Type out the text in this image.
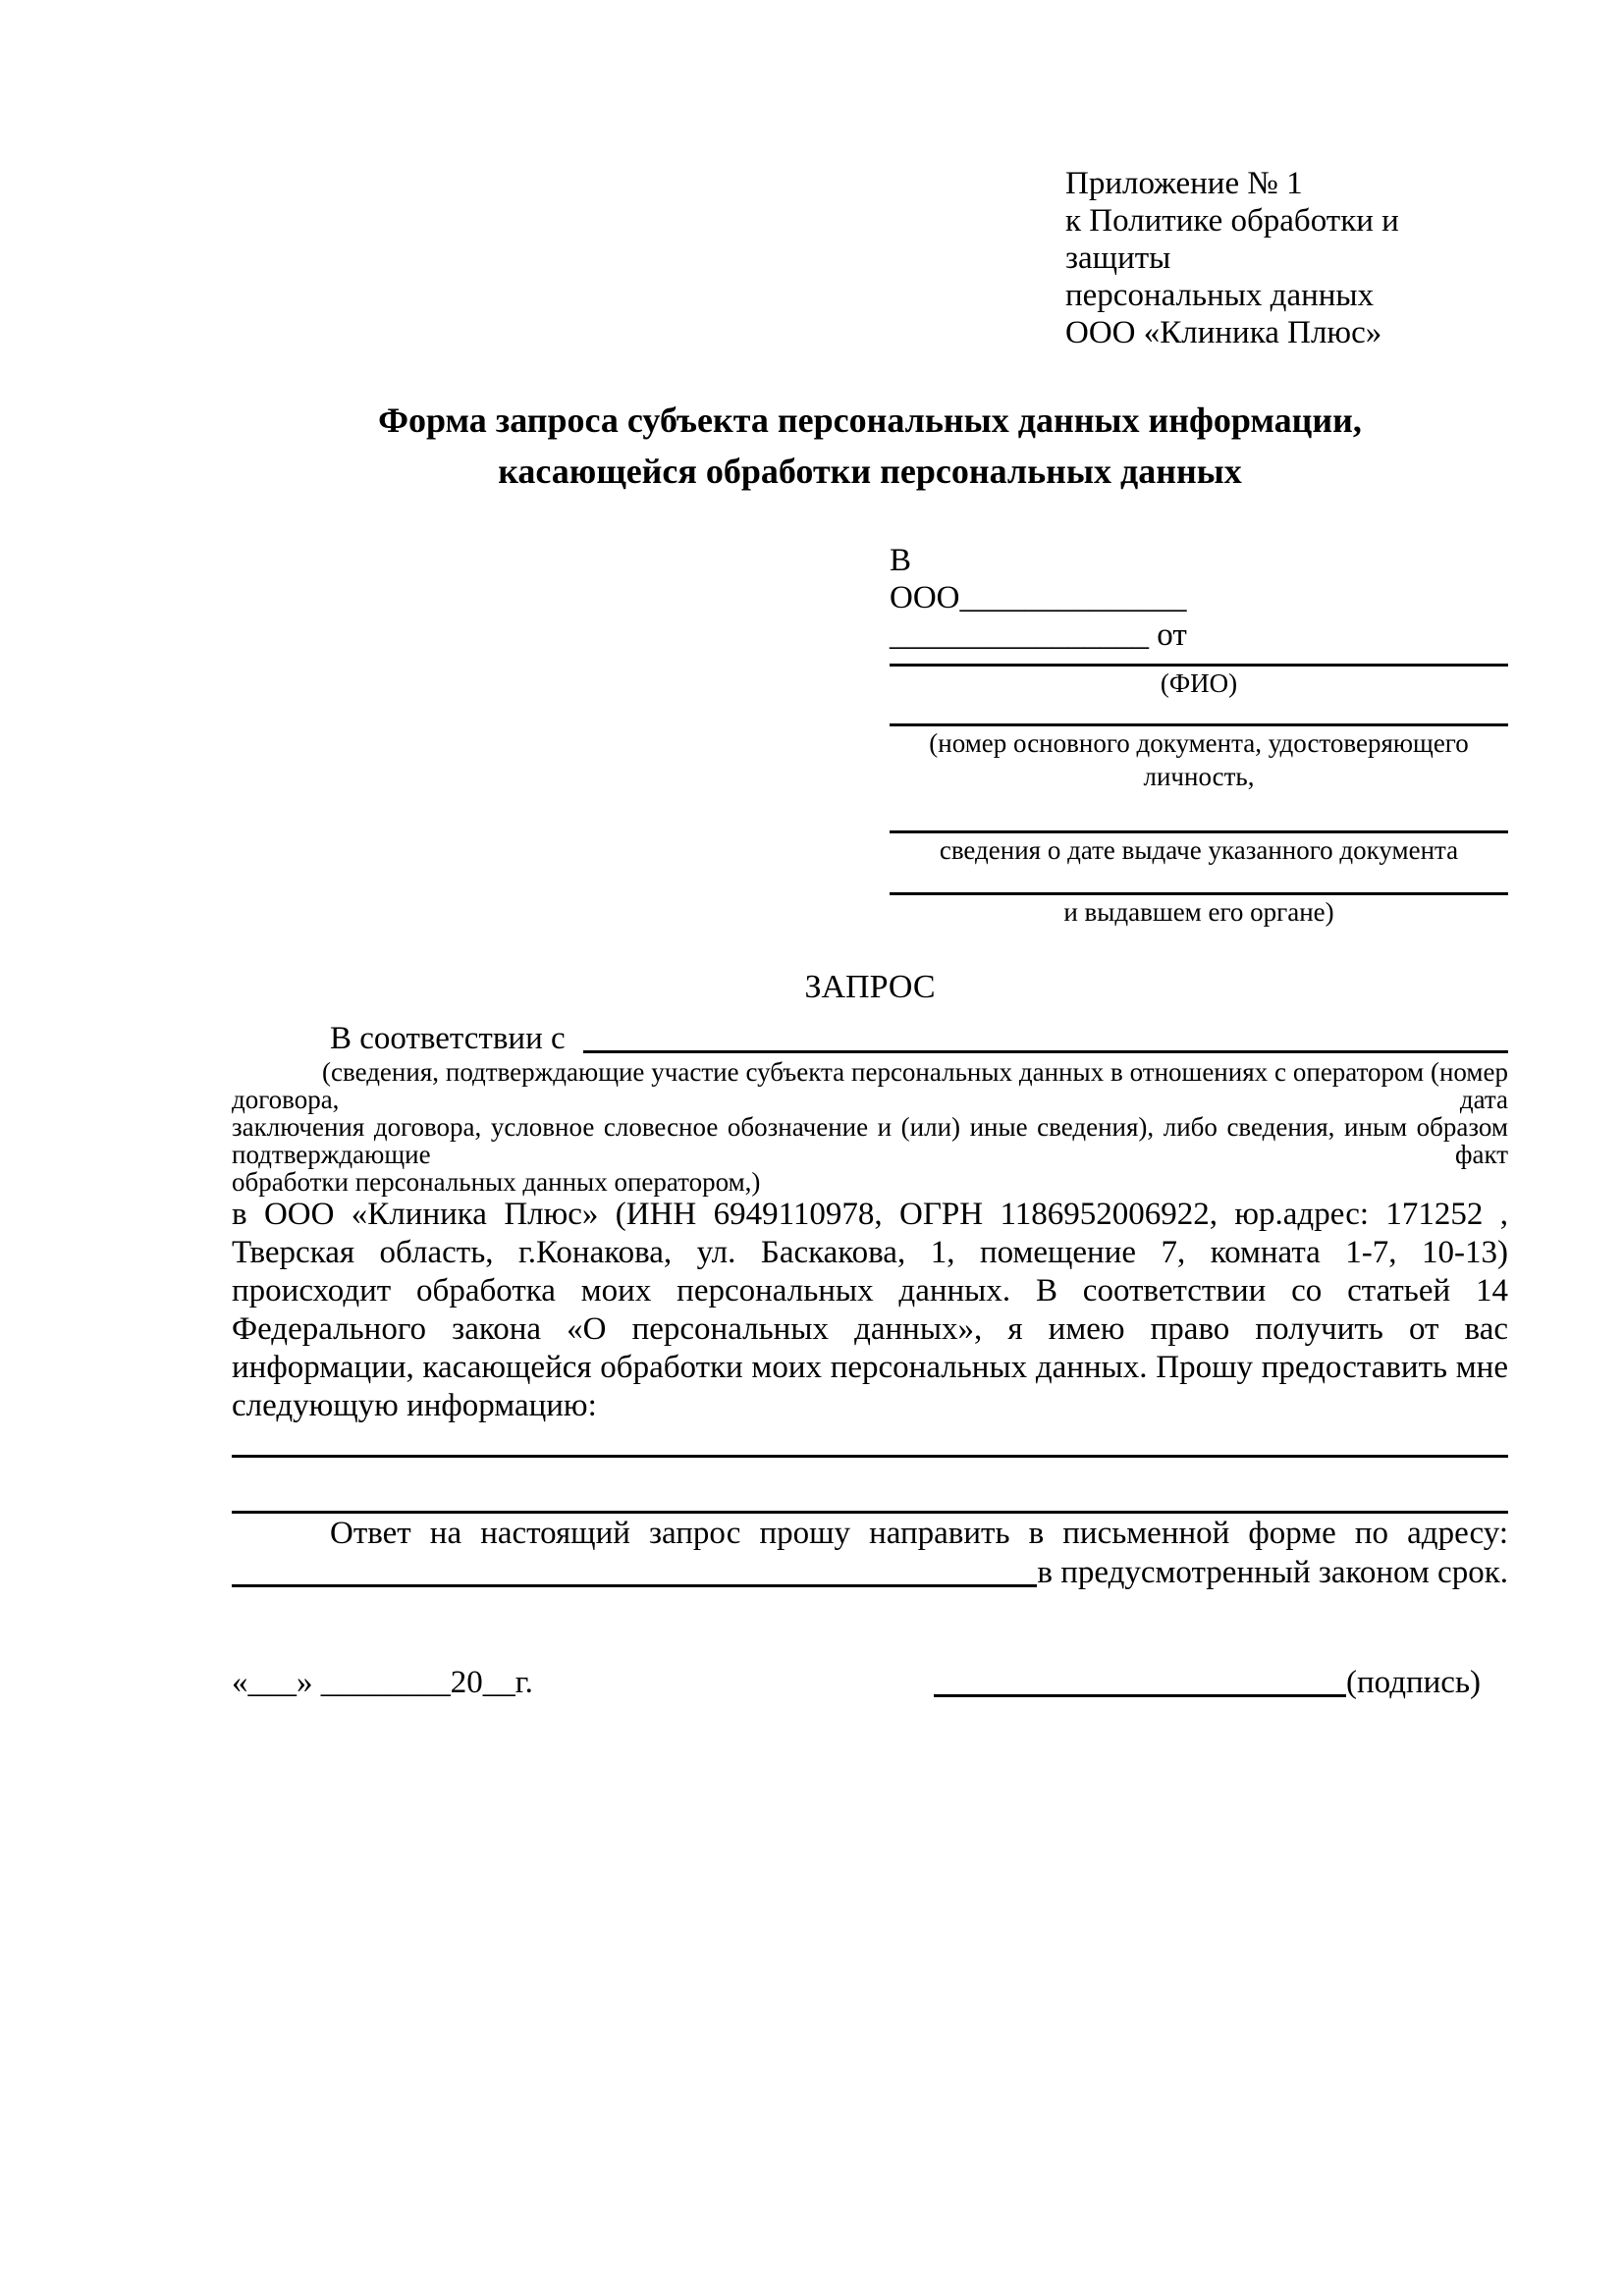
Приложение № 1
к Политике обработки и защиты
персональных данных
ООО «Клиника Плюс»
Форма запроса субъекта персональных данных информации,
касающейся обработки персональных данных
В
ООО______________
________________ от
(ФИО)
(номер основного документа, удостоверяющего личность,
сведения о дате выдаче указанного документа
и выдавшем его органе)
ЗАПРОС
В соответствии с
(сведения, подтверждающие участие субъекта персональных данных в отношениях с оператором (номер договора, дата
заключения договора, условное словесное обозначение и (или) иные сведения), либо сведения, иным образом подтверждающие факт
обработки персональных данных оператором,)
в ООО «Клиника Плюс» (ИНН 6949110978, ОГРН 1186952006922, юр.адрес: 171252 ,
Тверская область, г.Конакова, ул. Баскакова, 1, помещение 7, комната 1-7, 10-13)
происходит обработка моих персональных данных. В соответствии со статьей 14
Федерального закона «О персональных данных», я имею право получить от вас
информации, касающейся обработки моих персональных данных. Прошу предоставить мне
следующую информацию:
Ответ на настоящий запрос прошу направить в письменной форме по адресу:
в предусмотренный законом срок.
«___» ________20__г.	(подпись)
